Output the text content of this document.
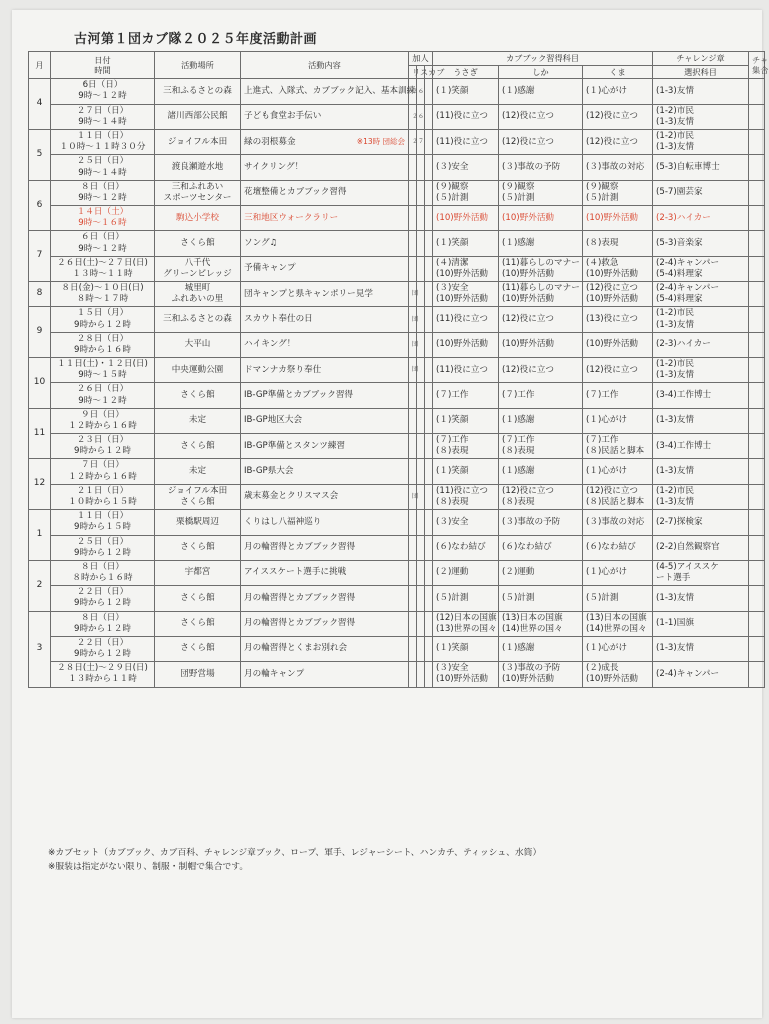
古河第１団カブ隊２０２５年度活動計画
月	日付
時間	活動場所	活動内容	加人			カブブック習得科目			チャレンジ章	チャ
集合
				リ	ス	カブ	うさぎ	しか	くま	選択科目	
4	6日（日）
9時～１２時	三和ふるさとの森	上進式、入隊式、カブブック記入、基本訓練	２６			(１)笑顔	(１)感謝	(１)心がけ	(1-3)友情	

	２７日（日）
9時～１４時	諸川西部公民館	子ども食堂お手伝い	２６			(11)役に立つ	(12)役に立つ	(12)役に立つ	(1-2)市民
(1-3)友情	

5	１１日（日）
１０時～１１時３０分	ジョイフル本田	※13時 団総会
緑の羽根募金	２７			(11)役に立つ	(12)役に立つ	(12)役に立つ	(1-2)市民
(1-3)友情	

	２５日（日）
9時～１４時	渡良瀬遊水地	サイクリング！				(３)安全	(３)事故の予防	(３)事故の対応	(5-3)自転車博士	

6	８日（日）
9時～１２時	三和ふれあい
スポーツセンター	花壇整備とカブブック習得				(９)観察
(５)計測	(９)観察
(５)計測	(９)観察
(５)計測	(5-7)園芸家	

	１４日（土）
9時～１６時	駒込小学校	三和地区ウォークラリー				(10)野外活動	(10)野外活動	(10)野外活動	(2-3)ハイカー	

7	６日（日）
9時～１２時	さくら館	ソング♫				(１)笑顔	(１)感謝	(８)表現	(5-3)音楽家	

	２６日(土)～２７日(日)
１３時～１１時	八千代
グリーンビレッジ	予備キャンプ				(４)清潔
(10)野外活動	(11)暮らしのマナー
(10)野外活動	(４)救急
(10)野外活動	(2-4)キャンパー
(5-4)料理家	

8	８日(金)～１０日(日)
８時～１７時	城里町
ふれあいの里	団キャンプと県キャンポリー見学	団			(３)安全
(10)野外活動	(11)暮らしのマナー
(10)野外活動	(12)役に立つ
(10)野外活動	(2-4)キャンパー
(5-4)料理家	

9	１５日（月）
9時から１２時	三和ふるさとの森	スカウト奉仕の日	団			(11)役に立つ	(12)役に立つ	(13)役に立つ	(1-2)市民
(1-3)友情	

	２８日（日）
9時から１６時	大平山	ハイキング！	団			(10)野外活動	(10)野外活動	(10)野外活動	(2-3)ハイカー	

10	１１日(土)・１２日(日)
9時～１５時	中央運動公園	ドマンナカ祭り奉仕	団			(11)役に立つ	(12)役に立つ	(12)役に立つ	(1-2)市民
(1-3)友情	

	２６日（日）
9時～１２時	さくら館	IB-GP準備とカブブック習得				(７)工作	(７)工作	(７)工作	(3-4)工作博士	

11	９日（日）
１２時から１６時	未定	IB-GP地区大会				(１)笑顔	(１)感謝	(１)心がけ	(1-3)友情	

	２３日（日）
9時から１２時	さくら館	IB-GP準備とスタンツ練習				(７)工作
(８)表現	(７)工作
(８)表現	(７)工作
(８)民話と脚本	(3-4)工作博士	

12	７日（日）
１２時から１６時	未定	IB-GP県大会				(１)笑顔	(１)感謝	(１)心がけ	(1-3)友情	

	２１日（日）
１０時から１５時	ジョイフル本田
さくら館	歳末募金とクリスマス会	団			(11)役に立つ
(８)表現	(12)役に立つ
(８)表現	(12)役に立つ
(８)民話と脚本	(1-2)市民
(1-3)友情	

1	１１日（日）
9時から１５時	栗橋駅周辺	くりはし八福神巡り				(３)安全	(３)事故の予防	(３)事故の対応	(2-7)探検家	

	２５日（日）
9時から１２時	さくら館	月の輪習得とカブブック習得				(６)なわ結び	(６)なわ結び	(６)なわ結び	(2-2)自然観察官	

2	８日（日）
８時から１６時	宇都宮	アイススケート選手に挑戦				(２)運動	(２)運動	(１)心がけ	(4-5)アイススケ
ート選手	

	２２日（日）
9時から１２時	さくら館	月の輪習得とカブブック習得				(５)計測	(５)計測	(５)計測	(1-3)友情	

3	８日（日）
9時から１２時	さくら館	月の輪習得とカブブック習得				(12)日本の国旗
(13)世界の国々	(13)日本の国旗
(14)世界の国々	(13)日本の国旗
(14)世界の国々	(1-1)国旗	

	２２日（日）
9時から１２時	さくら館	月の輪習得とくまお別れ会				(１)笑顔	(１)感謝	(１)心がけ	(1-3)友情	

	２８日(土)～２９日(日)
１３時から１１時	団野営場	月の輪キャンプ				(３)安全
(10)野外活動	(３)事故の予防
(10)野外活動	(２)成長
(10)野外活動	(2-4)キャンパー	

※カブセット（カブブック、カブ百科、チャレンジ章ブック、ロープ、軍手、レジャーシート、ハンカチ、ティッシュ、水筒）
※服装は指定がない限り、制服・制帽で集合です。
